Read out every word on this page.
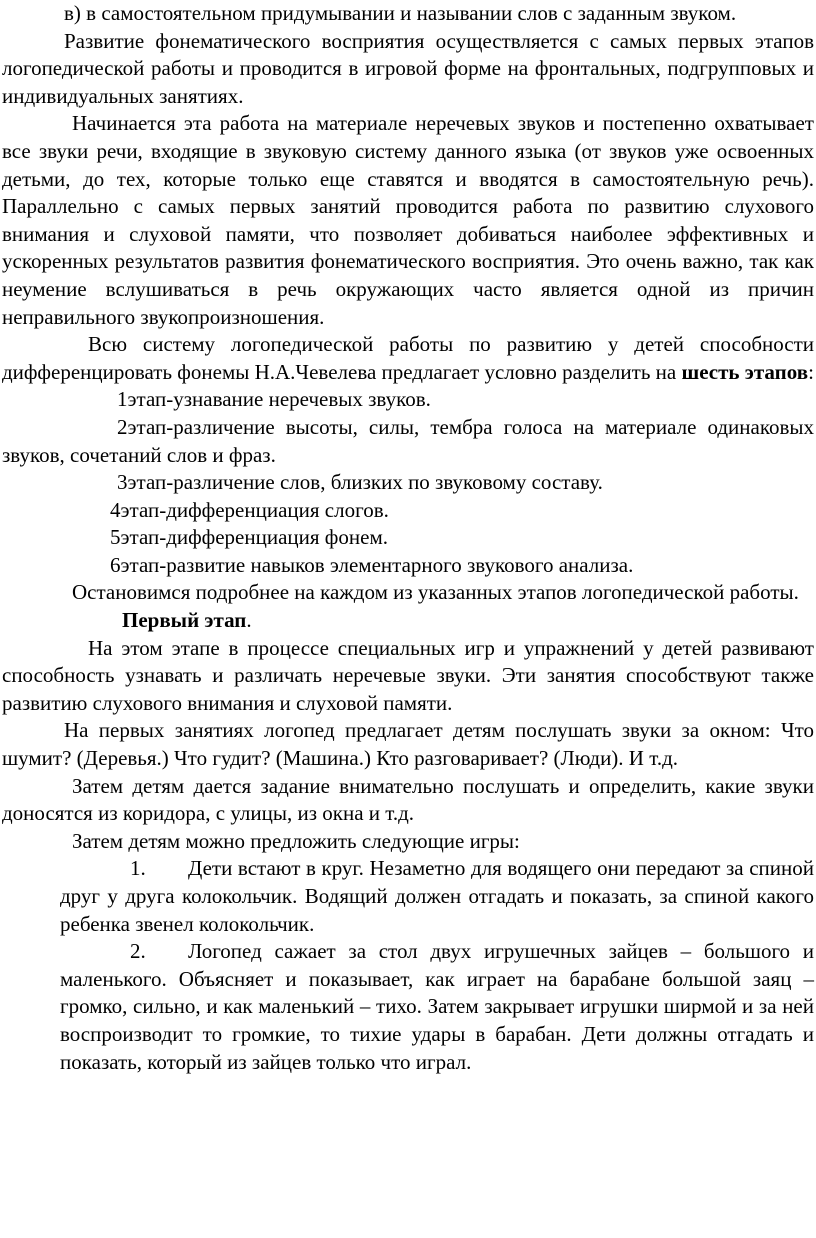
в) в самостоятельном придумывании и назывании слов с заданным звуком.

Развитие фонематического восприятия осуществляется с самых первых этапов логопедической работы и проводится в игровой форме на фронтальных, подгрупповых и индивидуальных занятиях.

Начинается эта работа на материале неречевых звуков и постепенно охватывает все звуки речи, входящие в звуковую систему данного языка (от звуков уже освоенных детьми, до тех, которые только еще ставятся и вводятся в самостоятельную речь). Параллельно с самых первых занятий проводится работа по развитию слухового внимания и слуховой памяти, что позволяет добиваться наиболее эффективных и ускоренных результатов развития фонематического восприятия. Это очень важно, так как неумение вслушиваться в речь окружающих часто является одной из причин неправильного звукопроизношения.

Всю систему логопедической работы по развитию у детей способности дифференцировать фонемы Н.А.Чевелева предлагает условно разделить на шесть этапов:

1этап-узнавание неречевых звуков.

2этап-различение высоты, силы, тембра голоса на материале одинаковых звуков, сочетаний слов и фраз.

3этап-различение слов, близких по звуковому составу.

4этап-дифференциация слогов.

5этап-дифференциация фонем.

6этап-развитие навыков элементарного звукового анализа.

Остановимся подробнее на каждом из указанных этапов логопедической работы.

Первый этап.

На этом этапе в процессе специальных игр и упражнений у детей развивают способность узнавать и различать неречевые звуки. Эти занятия способствуют также развитию слухового внимания и слуховой памяти.

На первых занятиях логопед предлагает детям послушать звуки за окном: Что шумит? (Деревья.) Что гудит? (Машина.) Кто разговаривает? (Люди). И т.д.

Затем детям дается задание внимательно послушать и определить, какие звуки доносятся из коридора, с улицы, из окна и т.д.

Затем детям можно предложить следующие игры:

1. Дети встают в круг. Незаметно для водящего они передают за спиной друг у друга колокольчик. Водящий должен отгадать и показать, за спиной какого ребенка звенел колокольчик.

2. Логопед сажает за стол двух игрушечных зайцев – большого и маленького. Объясняет и показывает, как играет на барабане большой заяц – громко, сильно, и как маленький – тихо. Затем закрывает игрушки ширмой и за ней воспроизводит то громкие, то тихие удары в барабан. Дети должны отгадать и показать, который из зайцев только что играл.
